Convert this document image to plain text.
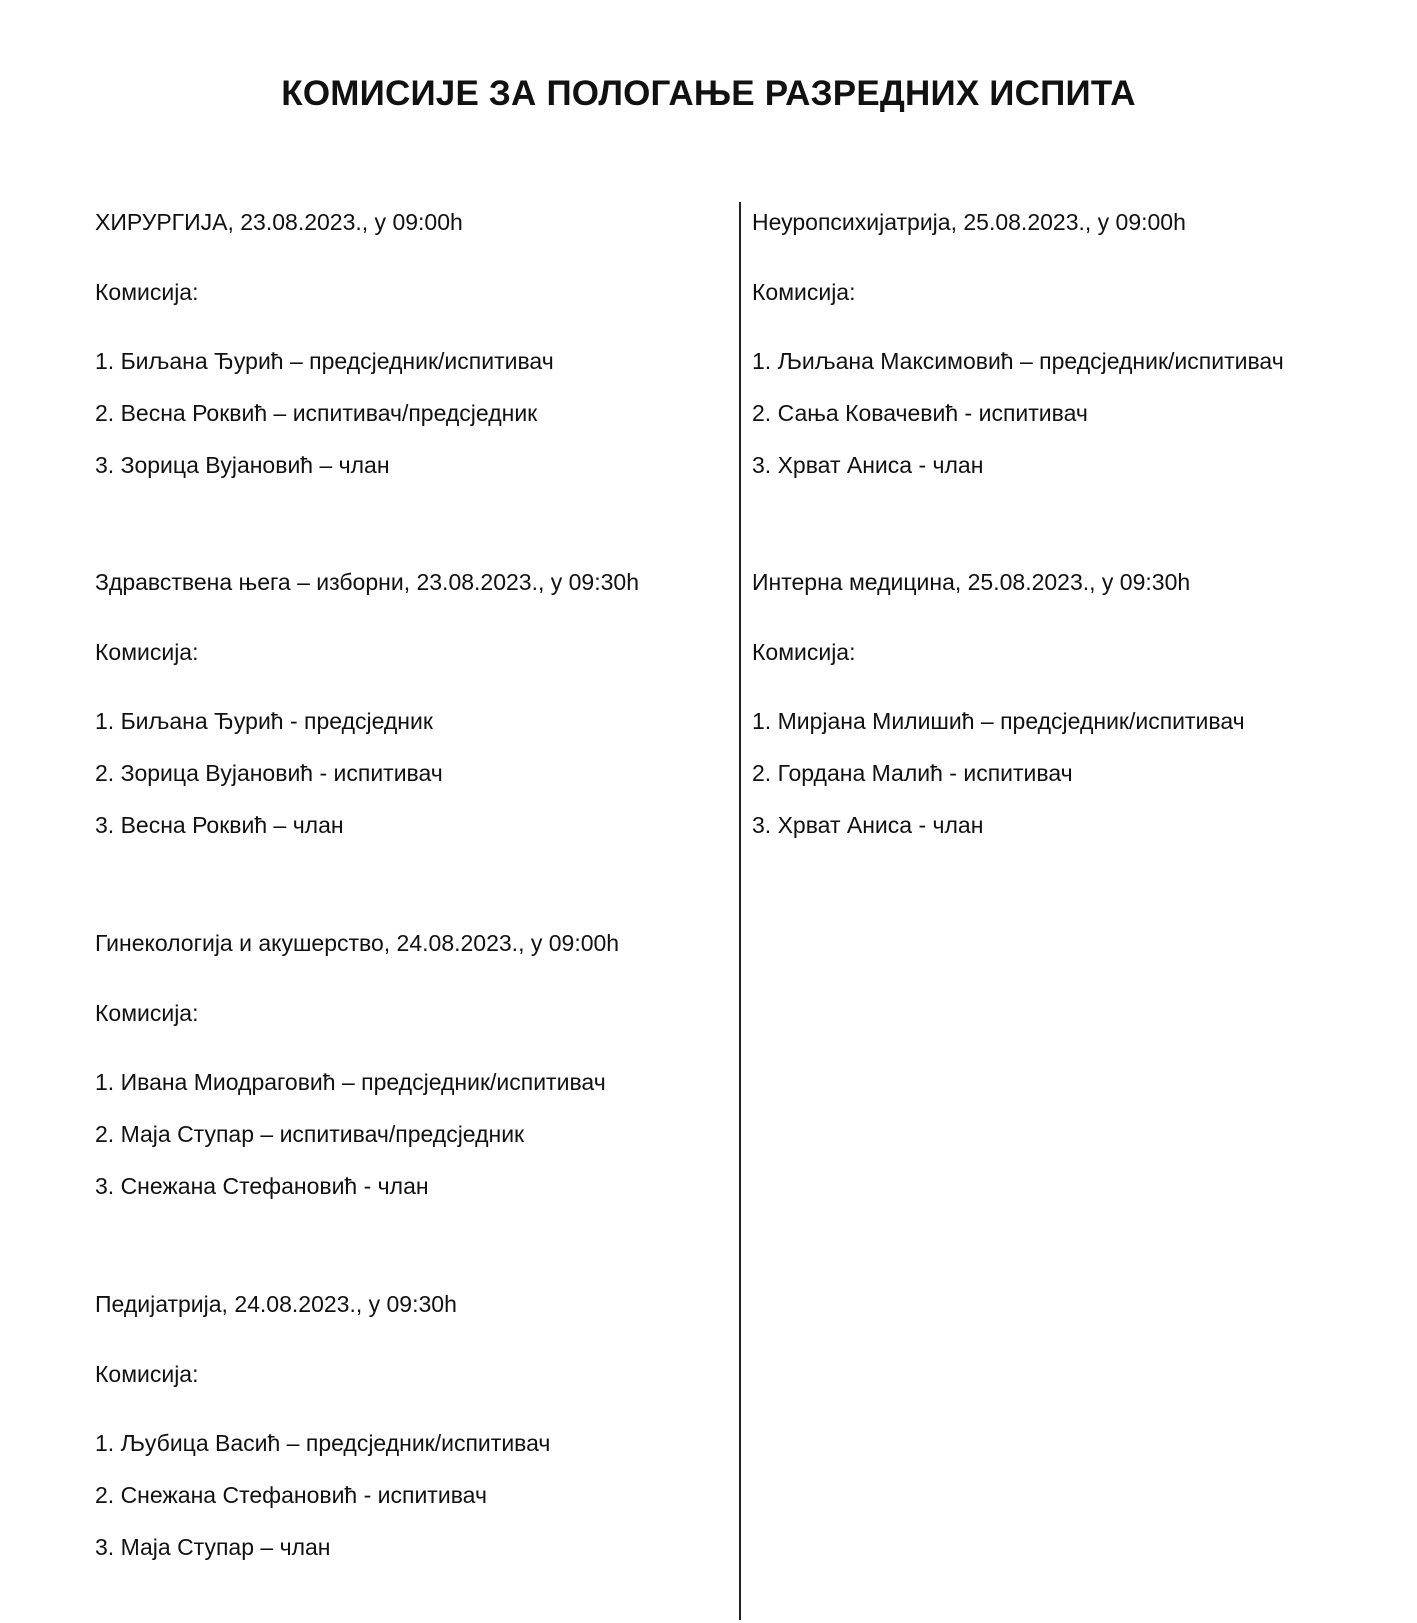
КОМИСИЈЕ ЗА ПОЛОГАЊЕ РАЗРЕДНИХ ИСПИТА
ХИРУРГИЈА, 23.08.2023., у 09:00h
Комисија:
1. Биљана Ђурић – предсједник/испитивач
2. Весна Роквић – испитивач/предсједник
3. Зорица Вујановић – члан
Здравствена њега – изборни, 23.08.2023., у 09:30h
Комисија:
1. Биљана Ђурић - предсједник
2. Зорица Вујановић - испитивач
3. Весна Роквић – члан
Гинекологија и акушерство, 24.08.2023., у 09:00h
Комисија:
1. Ивана Миодраговић – предсједник/испитивач
2. Маја Ступар – испитивач/предсједник
3. Снежана Стефановић - члан
Педијатрија, 24.08.2023., у 09:30h
Комисија:
1. Љубица Васић – предсједник/испитивач
2. Снежана Стефановић - испитивач
3. Маја Ступар – члан
Неуропсихијатрија, 25.08.2023., у 09:00h
Комисија:
1. Љиљана Максимовић – предсједник/испитивач
2. Сања Ковачевић - испитивач
3. Хрват Аниса - члан
Интерна медицина, 25.08.2023., у 09:30h
Комисија:
1. Мирјана Милишић – предсједник/испитивач
2. Гордана Малић - испитивач
3. Хрват Аниса - члан
